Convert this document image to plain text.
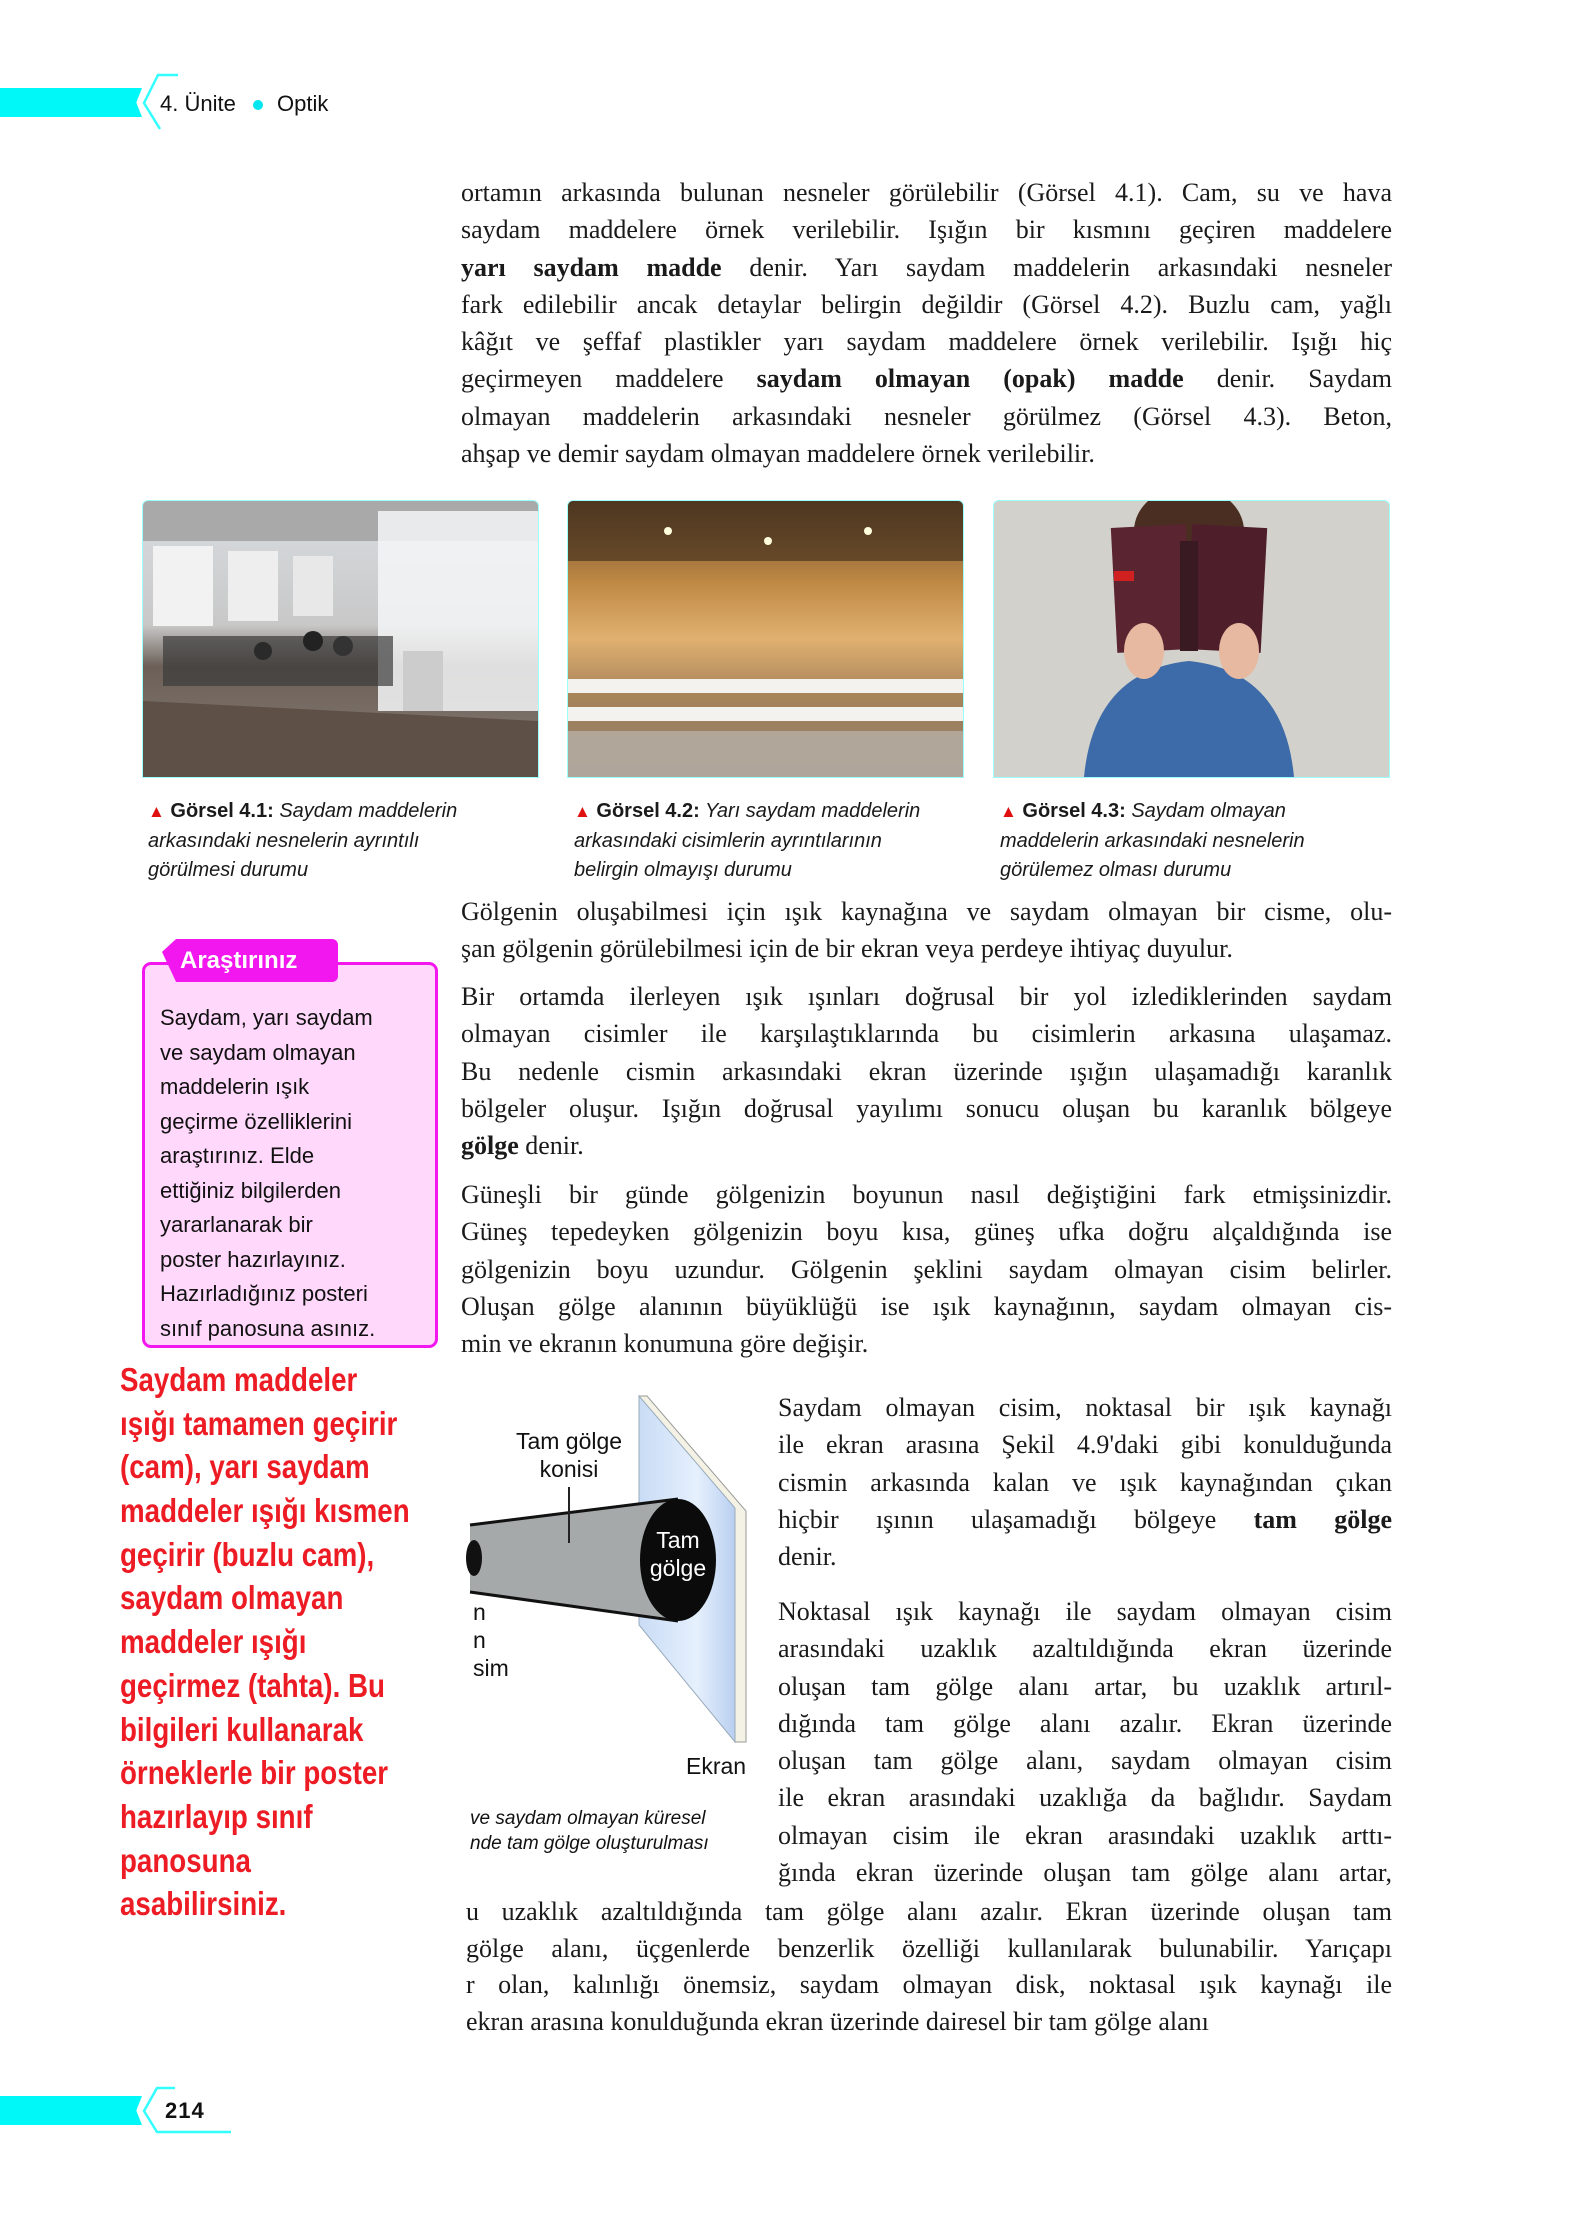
4. Ünite Optik
ortamın arkasında bulunan nesneler görülebilir (Görsel 4.1). Cam, su ve hava
saydam maddelere örnek verilebilir. Işığın bir kısmını geçiren maddelere
yarı saydam madde denir. Yarı saydam maddelerin arkasındaki nesneler
fark edilebilir ancak detaylar belirgin değildir (Görsel 4.2). Buzlu cam, yağlı
kâğıt ve şeffaf plastikler yarı saydam maddelere örnek verilebilir. Işığı hiç
geçirmeyen maddelere saydam olmayan (opak) madde denir. Saydam
olmayan maddelerin arkasındaki nesneler görülmez (Görsel 4.3). Beton,
ahşap ve demir saydam olmayan maddelere örnek verilebilir.
Gölgenin oluşabilmesi için ışık kaynağına ve saydam olmayan bir cisme, olu-
şan gölgenin görülebilmesi için de bir ekran veya perdeye ihtiyaç duyulur.
Bir ortamda ilerleyen ışık ışınları doğrusal bir yol izlediklerinden saydam
olmayan cisimler ile karşılaştıklarında bu cisimlerin arkasına ulaşamaz.
Bu nedenle cismin arkasındaki ekran üzerinde ışığın ulaşamadığı karanlık
bölgeler oluşur. Işığın doğrusal yayılımı sonucu oluşan bu karanlık bölgeye
gölge denir.
Güneşli bir günde gölgenizin boyunun nasıl değiştiğini fark etmişsinizdir.
Güneş tepedeyken gölgenizin boyu kısa, güneş ufka doğru alçaldığında ise
gölgenizin boyu uzundur. Gölgenin şeklini saydam olmayan cisim belirler.
Oluşan gölge alanının büyüklüğü ise ışık kaynağının, saydam olmayan cis-
min ve ekranın konumuna göre değişir.
Saydam olmayan cisim, noktasal bir ışık kaynağı
ile ekran arasına Şekil 4.9'daki gibi konulduğunda
cismin arkasında kalan ve ışık kaynağından çıkan
hiçbir ışının ulaşamadığı bölgeye tam gölge
denir.
Noktasal ışık kaynağı ile saydam olmayan cisim
arasındaki uzaklık azaltıldığında ekran üzerinde
oluşan tam gölge alanı artar, bu uzaklık artırıl-
dığında tam gölge alanı azalır. Ekran üzerinde
oluşan tam gölge alanı, saydam olmayan cisim
ile ekran arasındaki uzaklığa da bağlıdır. Saydam
olmayan cisim ile ekran arasındaki uzaklık arttı-
ğında ekran üzerinde oluşan tam gölge alanı artar,
u uzaklık azaltıldığında tam gölge alanı azalır. Ekran üzerinde oluşan tam
gölge alanı, üçgenlerde benzerlik özelliği kullanılarak bulunabilir. Yarıçapı
r olan, kalınlığı önemsiz, saydam olmayan disk, noktasal ışık kaynağı ile
ekran arasına konulduğunda ekran üzerinde dairesel bir tam gölge alanı
▲ Görsel 4.1: Saydam maddelerin
arkasındaki nesnelerin ayrıntılı
görülmesi durumu
▲ Görsel 4.2: Yarı saydam maddelerin
arkasındaki cisimlerin ayrıntılarının
belirgin olmayışı durumu
▲ Görsel 4.3: Saydam olmayan
maddelerin arkasındaki nesnelerin
görülemez olması durumu
Araştırınız
Saydam, yarı saydam
ve saydam olmayan
maddelerin ışık
geçirme özelliklerini
araştırınız. Elde
ettiğiniz bilgilerden
yararlanarak bir
poster hazırlayınız.
Hazırladığınız posteri
sınıf panosuna asınız.
Saydam maddeler
ışığı tamamen geçirir
(cam), yarı saydam
maddeler ışığı kısmen
geçirir (buzlu cam),
saydam olmayan
maddeler ışığı
geçirmez (tahta). Bu
bilgileri kullanarak
örneklerle bir poster
hazırlayıp sınıf
panosuna
asabilirsiniz.
Tam gölge
konisi
Tam
gölge
n
n
sim
Ekran
ve saydam olmayan küresel
nde tam gölge oluşturulması
214
